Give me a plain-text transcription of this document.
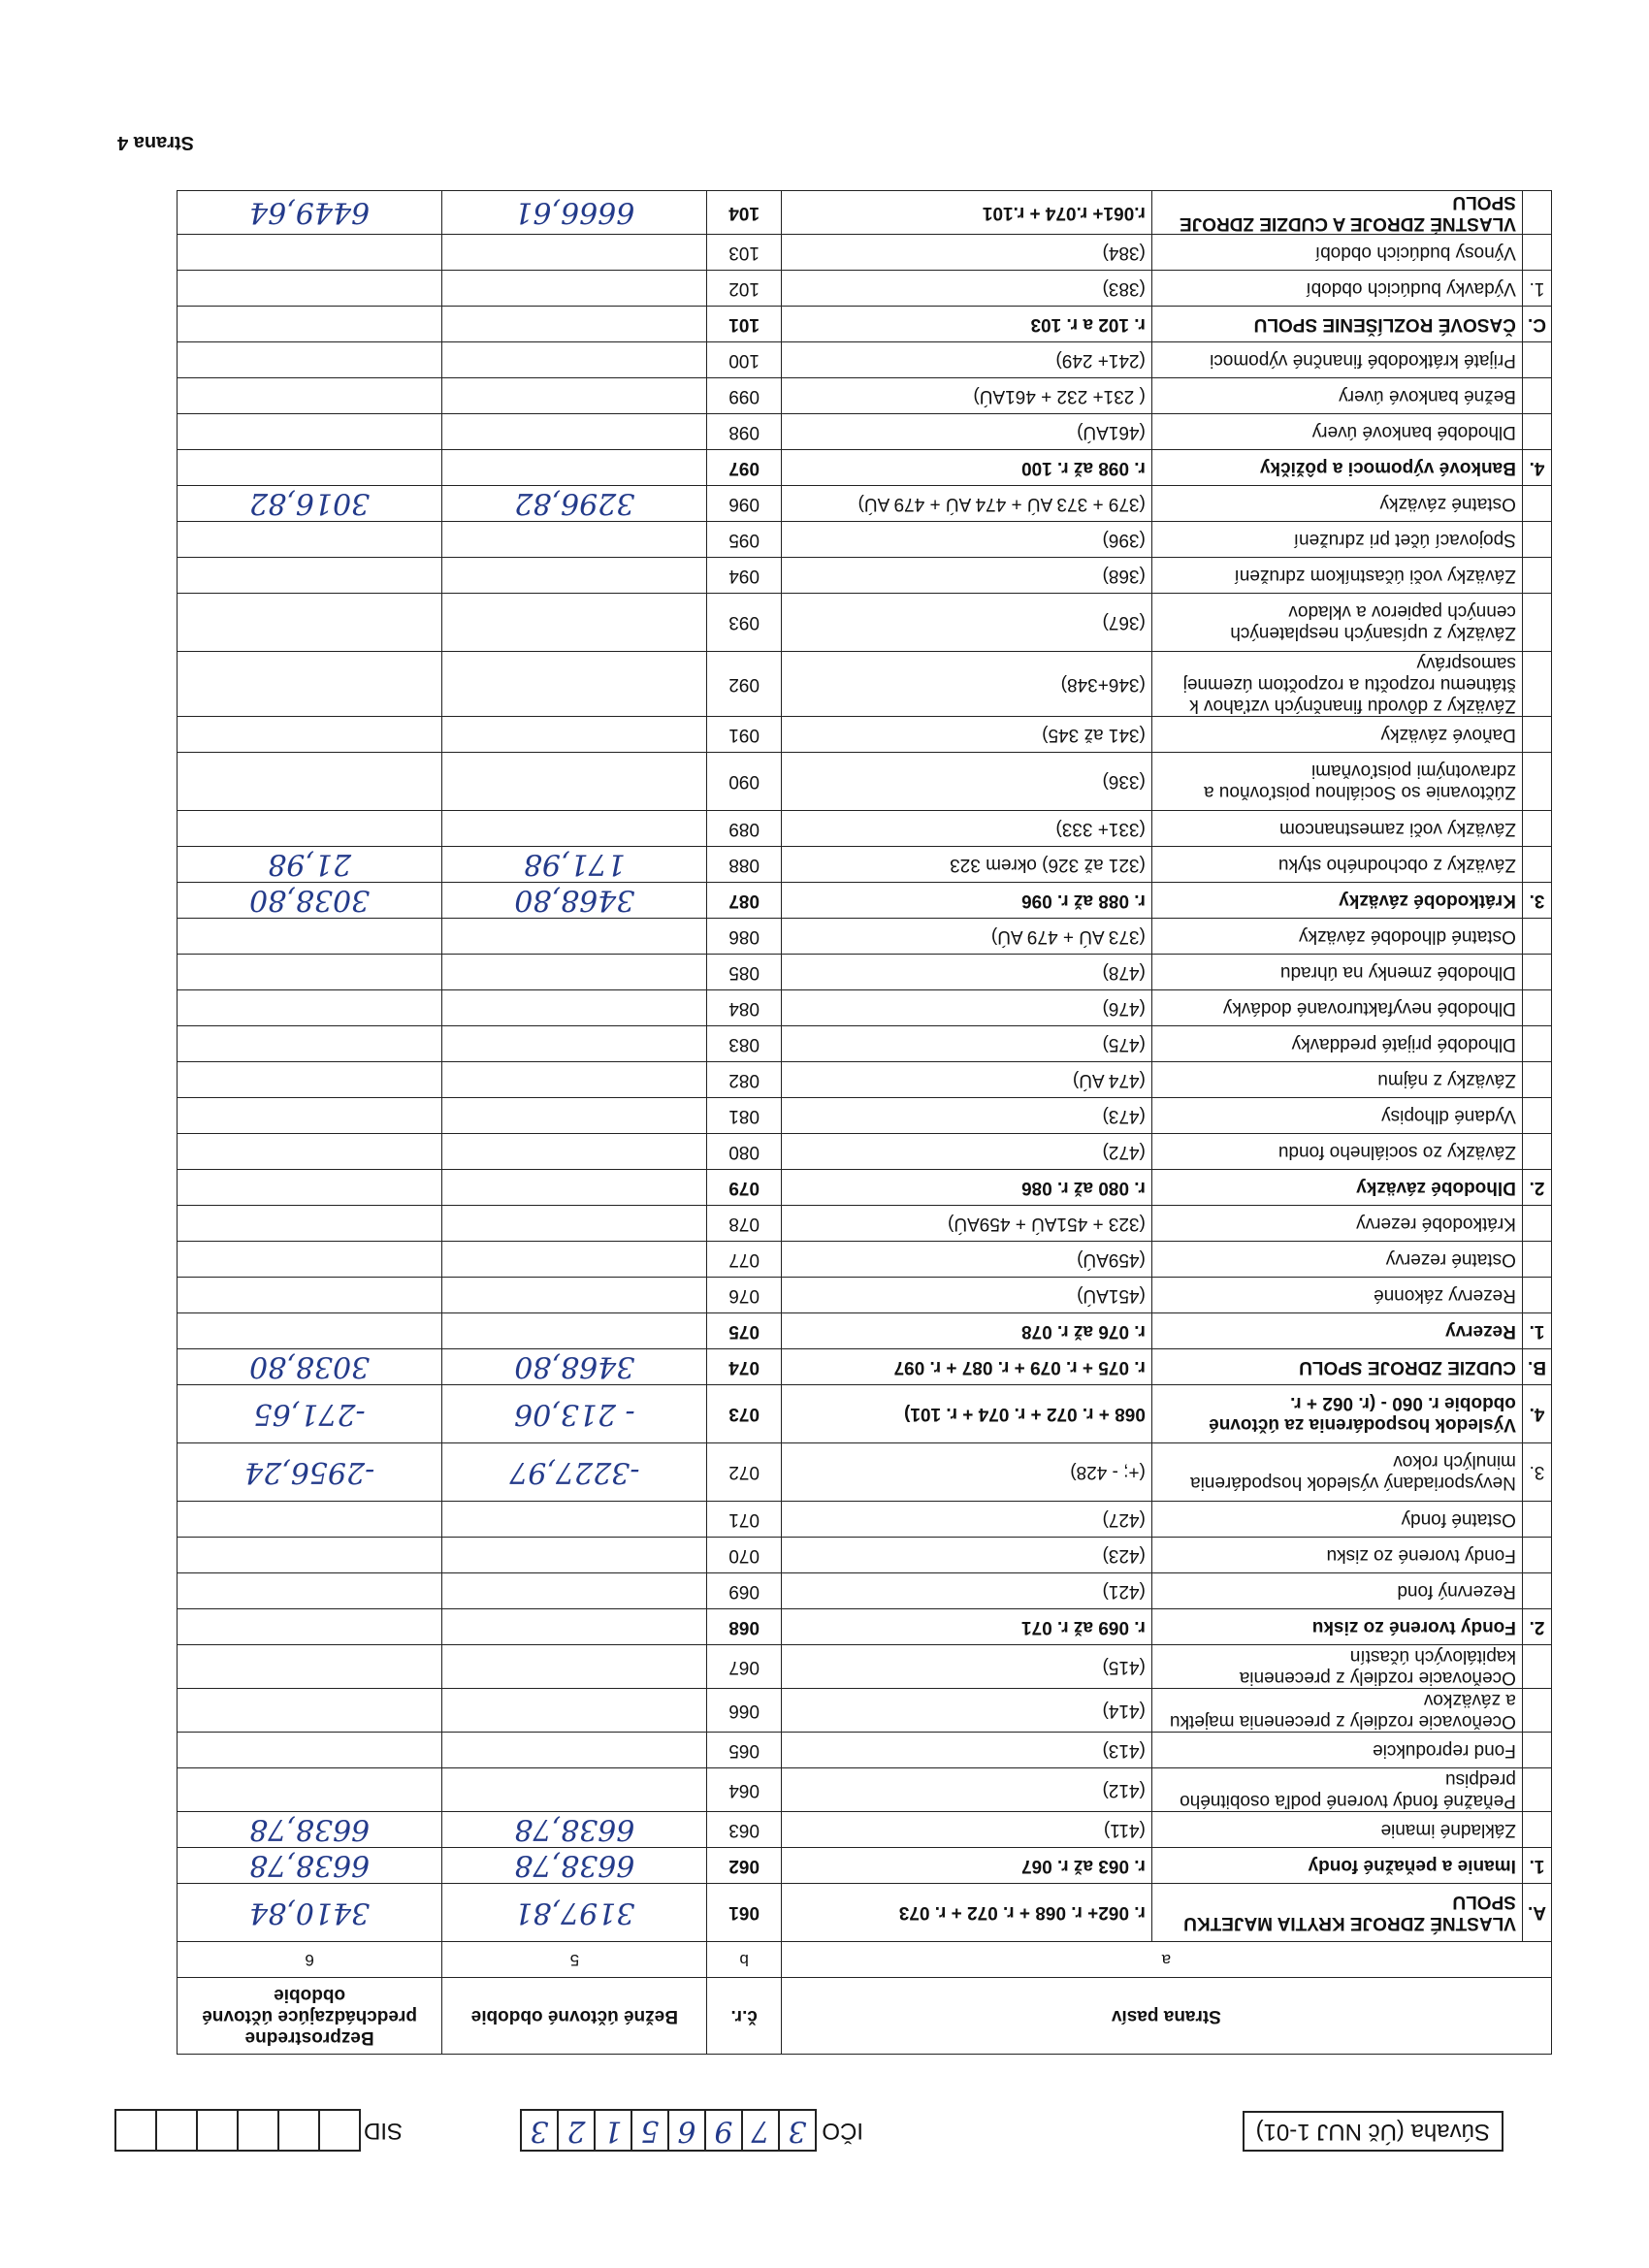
Súvaha (Úč NUJ 1-01)
IČO
3
7
9
6
5
1
2
3
SID
Strana pasív			č.r.	Bežné účtovné obdobie	Bezprostredne predchádzajúce účtovné obdobie
a			b	5	6
A.	VLASTNÉ ZDROJE KRYTIA MAJETKU SPOLU	r. 062+ r. 068 + r. 072 + r. 073	061	3197,81	3410,84
1.	Imanie a peňažné fondy	r. 063 až r. 067	062	6638,78	6638,78
	Základné imanie	(411)	063	6638,78	6638,78
	Peňažné fondy tvorené podľa osobitného predpisu	(412)	064		
	Fond reprodukcie	(413)	065		
	Oceňovacie rozdiely z precenenia majetku a záväzkov	(414)	066		
	Oceňovacie rozdiely z precenenia kapitálových účastín	(415)	067		
2.	Fondy tvorené zo zisku	r. 069 až r. 071	068		
	Rezervný fond	(421)	069		
	Fondy tvorené zo zisku	(423)	070		
	Ostatné fondy	(427)	071		
3.	Nevysporiadaný výsledok hospodárenia minulých rokov	(+; - 428)	072	-3227,97	-2956,24
4.	Výsledok hospodárenia za účtovné obdobie r. 060 - (r. 062 + r.	068 + r. 072 + r. 074 + r. 101)	073	- 213,06	-271,65
B.	CUDZIE ZDROJE SPOLU	r. 075 + r. 079 + r. 087 + r. 097	074	3468,80	3038,80
1.	Rezervy	r. 076 až r. 078	075		
	Rezervy zákonné	(451AÚ)	076		
	Ostatné rezervy	(459AÚ)	077		
	Krátkodobé rezervy	(323 + 451AÚ + 459AÚ)	078		
2.	Dlhodobé záväzky	r. 080 až r. 086	079		
	Záväzky zo sociálneho fondu	(472)	080		
	Vydané dlhopisy	(473)	081		
	Záväzky z nájmu	(474 AÚ)	082		
	Dlhodobé prijaté preddavky	(475)	083		
	Dlhodobé nevyfakturované dodávky	(476)	084		
	Dlhodobé zmenky na úhradu	(478)	085		
	Ostatné dlhodobé záväzky	(373 AÚ + 479 AÚ)	086		
3.	Krátkodobé záväzky	r. 088 až r. 096	087	3468,80	3038,80
	Záväzky z obchodného styku	(321 až 326) okrem 323	088	171,98	21,98
	Záväzky voči zamestnancom	(331+ 333)	089		
	Zúčtovanie so Sociálnou poisťovňou a zdravotnými poisťovňami	(336)	090		
	Daňové záväzky	(341 až 345)	091		
	Záväzky z dôvodu finančných vzťahov k štátnemu rozpočtu a rozpočtom územnej samosprávy	(346+348)	092		
	Záväzky z upísaných nesplatených cenných papierov a vkladov	(367)	093		
	Záväzky voči účastníkom združení	(368)	094		
	Spojovací účet pri združení	(396)	095		
	Ostatné záväzky	(379 + 373 AÚ + 474 AÚ + 479 AÚ)	096	3296,82	3016,82
4.	Bankové výpomoci a pôžičky	r. 098 až r. 100	097		
	Dlhodobé bankové úvery	(461AÚ)	098		
	Bežné bankové úvery	( 231+ 232 + 461AÚ)	099		
	Prijaté krátkodobé finančné výpomoci	(241+ 249)	100		
C.	ČASOVÉ ROZLÍŠENIE SPOLU	r. 102 a r. 103	101		
1.	Výdavky budúcich období	(383)	102		
	Výnosy budúcich období	(384)	103		
	VLASTNÉ ZDROJE A CUDZIE ZDROJE SPOLU	r.061+ r.074 + r.101	104	6666,61	6449,64
Strana 4
